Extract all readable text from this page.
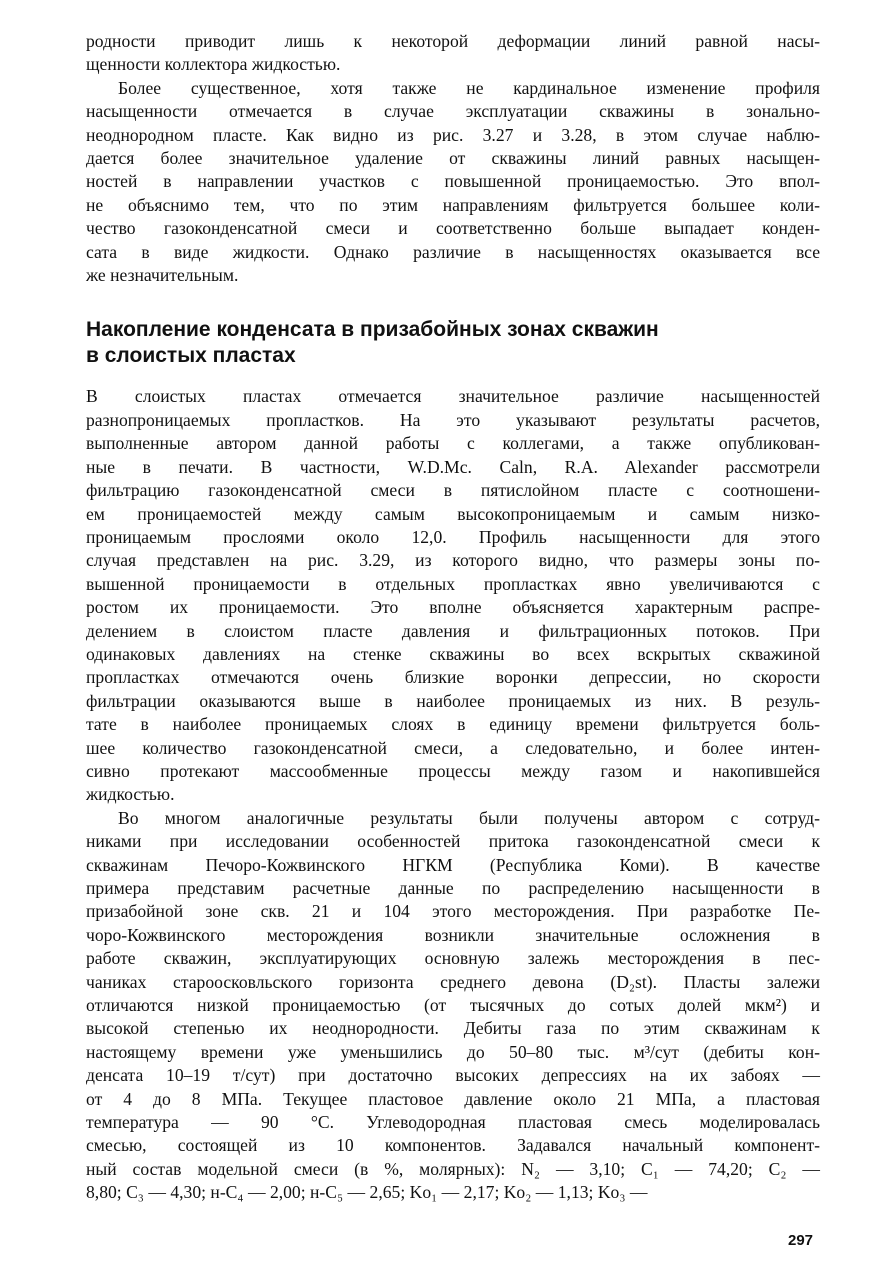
родности приводит лишь к некоторой деформации линий равной насы-
щенности коллектора жидкостью.
Более существенное, хотя также не кардинальное изменение профиля
насыщенности отмечается в случае эксплуатации скважины в зонально-
неоднородном пласте. Как видно из рис. 3.27 и 3.28, в этом случае наблю-
дается более значительное удаление от скважины линий равных насыщен-
ностей в направлении участков с повышенной проницаемостью. Это впол-
не объяснимо тем, что по этим направлениям фильтруется большее коли-
чество газоконденсатной смеси и соответственно больше выпадает конден-
сата в виде жидкости. Однако различие в насыщенностях оказывается все
же незначительным.
Накопление конденсата в призабойных зонах скважин
в слоистых пластах
В слоистых пластах отмечается значительное различие насыщенностей
разнопроницаемых пропластков. На это указывают результаты расчетов,
выполненные автором данной работы с коллегами, а также опубликован-
ные в печати. В частности, W.D.Mc. Caln, R.A. Alexander рассмотрели
фильтрацию газоконденсатной смеси в пятислойном пласте с соотношени-
ем проницаемостей между самым высокопроницаемым и самым низко-
проницаемым прослоями около 12,0. Профиль насыщенности для этого
случая представлен на рис. 3.29, из которого видно, что размеры зоны по-
вышенной проницаемости в отдельных пропластках явно увеличиваются с
ростом их проницаемости. Это вполне объясняется характерным распре-
делением в слоистом пласте давления и фильтрационных потоков. При
одинаковых давлениях на стенке скважины во всех вскрытых скважиной
пропластках отмечаются очень близкие воронки депрессии, но скорости
фильтрации оказываются выше в наиболее проницаемых из них. В резуль-
тате в наиболее проницаемых слоях в единицу времени фильтруется боль-
шее количество газоконденсатной смеси, а следовательно, и более интен-
сивно протекают массообменные процессы между газом и накопившейся
жидкостью.
Во многом аналогичные результаты были получены автором с сотруд-
никами при исследовании особенностей притока газоконденсатной смеси к
скважинам Печоро-Кожвинского НГКМ (Республика Коми). В качестве
примера представим расчетные данные по распределению насыщенности в
призабойной зоне скв. 21 и 104 этого месторождения. При разработке Пе-
чоро-Кожвинского месторождения возникли значительные осложнения в
работе скважин, эксплуатирующих основную залежь месторождения в пес-
чаниках староосковльского горизонта среднего девона (D₂st). Пласты залежи
отличаются низкой проницаемостью (от тысячных до сотых долей мкм²) и
высокой степенью их неоднородности. Дебиты газа по этим скважинам к
настоящему времени уже уменьшились до 50–80 тыс. м³/сут (дебиты кон-
денсата 10–19 т/сут) при достаточно высоких депрессиях на их забоях —
от 4 до 8 МПа. Текущее пластовое давление около 21 МПа, а пластовая
температура — 90 °С. Углеводородная пластовая смесь моделировалась
смесью, состоящей из 10 компонентов. Задавался начальный компонент-
ный состав модельной смеси (в %, молярных): N₂ — 3,10; C₁ — 74,20; C₂ —
8,80; C₃ — 4,30; н-C₄ — 2,00; н-C₅ — 2,65; Ko₁ — 2,17; Ko₂ — 1,13; Ko₃ —
297
